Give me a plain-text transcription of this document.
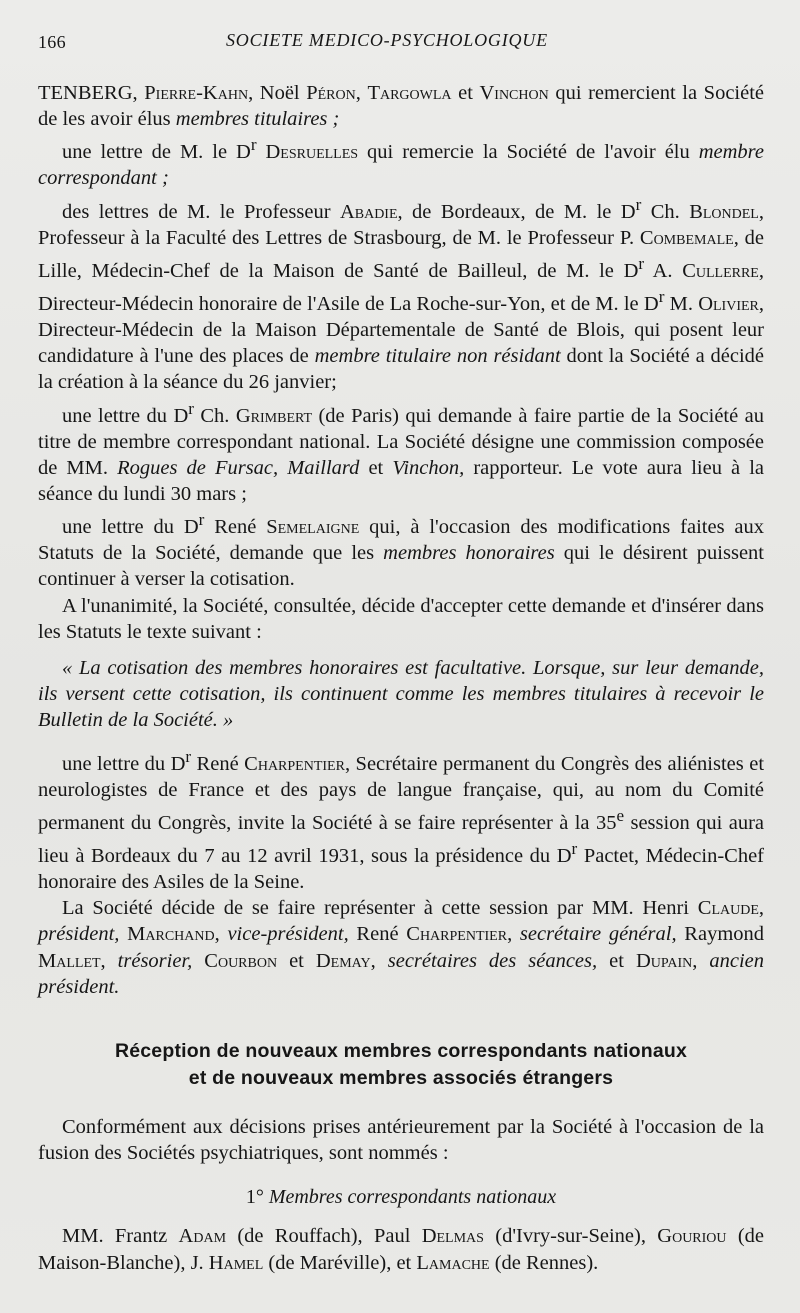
166	SOCIETE MEDICO-PSYCHOLOGIQUE

TENBERG, Pierre-Kahn, Noël Péron, Targowla et Vinchon qui remercient la Société de les avoir élus membres titulaires ;

une lettre de M. le $D^r$ Desruelles qui remercie la Société de l'avoir élu membre correspondant ;

des lettres de M. le Professeur Abadie, de Bordeaux, de M. le $D^r$ Ch. Blondel, Professeur à la Faculté des Lettres de Strasbourg, de M. le Professeur P. Combemale, de Lille, Médecin-Chef de la Maison de Santé de Bailleul, de M. le $D^r$ A. Cullerre, Directeur-Médecin honoraire de l'Asile de La Roche-sur-Yon, et de M. le $D^r$ M. Olivier, Directeur-Médecin de la Maison Départementale de Santé de Blois, qui posent leur candidature à l'une des places de membre titulaire non résidant dont la Société a décidé la création à la séance du 26 janvier;

une lettre du $D^r$ Ch. Grimbert (de Paris) qui demande à faire partie de la Société au titre de membre correspondant national. La Société désigne une commission composée de MM. Rogues de Fursac, Maillard et Vinchon, rapporteur. Le vote aura lieu à la séance du lundi 30 mars ;

une lettre du $D^r$ René Semelaigne qui, à l'occasion des modifications faites aux Statuts de la Société, demande que les membres honoraires qui le désirent puissent continuer à verser la cotisation.

A l'unanimité, la Société, consultée, décide d'accepter cette demande et d'insérer dans les Statuts le texte suivant :

« La cotisation des membres honoraires est facultative. Lorsque, sur leur demande, ils versent cette cotisation, ils continuent comme les membres titulaires à recevoir le Bulletin de la Société. »

une lettre du $D^r$ René Charpentier, Secrétaire permanent du Congrès des aliénistes et neurologistes de France et des pays de langue française, qui, au nom du Comité permanent du Congrès, invite la Société à se faire représenter à la 35e session qui aura lieu à Bordeaux du 7 au 12 avril 1931, sous la présidence du $D^r$ Pactet, Médecin-Chef honoraire des Asiles de la Seine.

La Société décide de se faire représenter à cette session par MM. Henri Claude, président, Marchand, vice-président, René Charpentier, secrétaire général, Raymond Mallet, trésorier, Courbon et Demay, secrétaires des séances, et Dupain, ancien président.

Réception de nouveaux membres correspondants nationaux
et de nouveaux membres associés étrangers

Conformément aux décisions prises antérieurement par la Société à l'occasion de la fusion des Sociétés psychiatriques, sont nommés :

1° Membres correspondants nationaux

MM. Frantz Adam (de Rouffach), Paul Delmas (d'Ivry-sur-Seine), Gouriou (de Maison-Blanche), J. Hamel (de Maréville), et Lamache (de Rennes).
